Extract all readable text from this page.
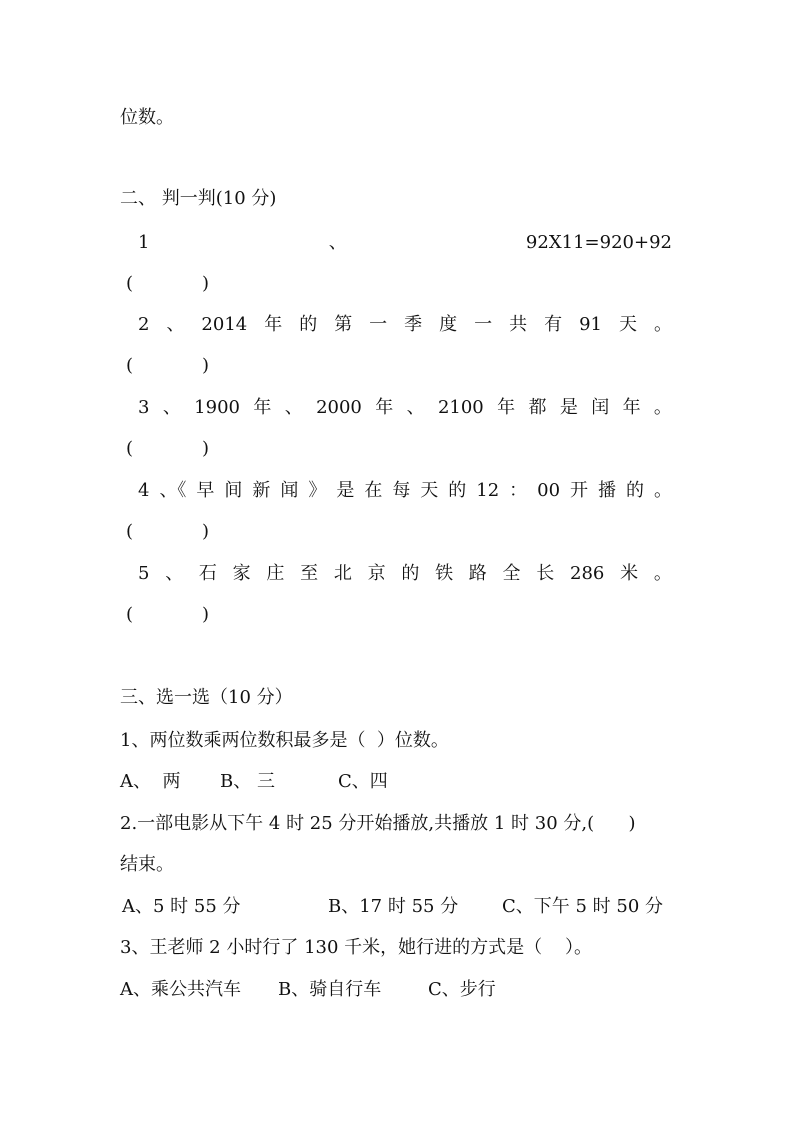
位数。
二、 判一判(10 分)
1	、	92X11=920+92
(	)
2 、 2014 年 的 第 一 季 度 一 共 有 91 天 。
(	)
3 、 1900 年 、 2000 年 、 2100 年 都 是 闰 年 。
(	)
4 、《 早 间 新 闻 》 是 在 每 天 的 12 ： 00 开 播 的 。
(	)
5 、 石 家 庄 至 北 京 的 铁 路 全 长 286 米 。
(	)
三、选一选（10 分）
1、两位数乘两位数积最多是（  ）位数。
A、  两 B、 三	C、四
2.一部电影从下午 4 时 25 分开始播放,共播放 1 时 30 分,(      )
结束。
A、5 时 55 分	B、17 时 55 分 C、下午 5 时 50 分
3、王老师 2 小时行了 130 千米，她行进的方式是（    ）。
A、乘公共汽车 B、骑自行车	C、步行
